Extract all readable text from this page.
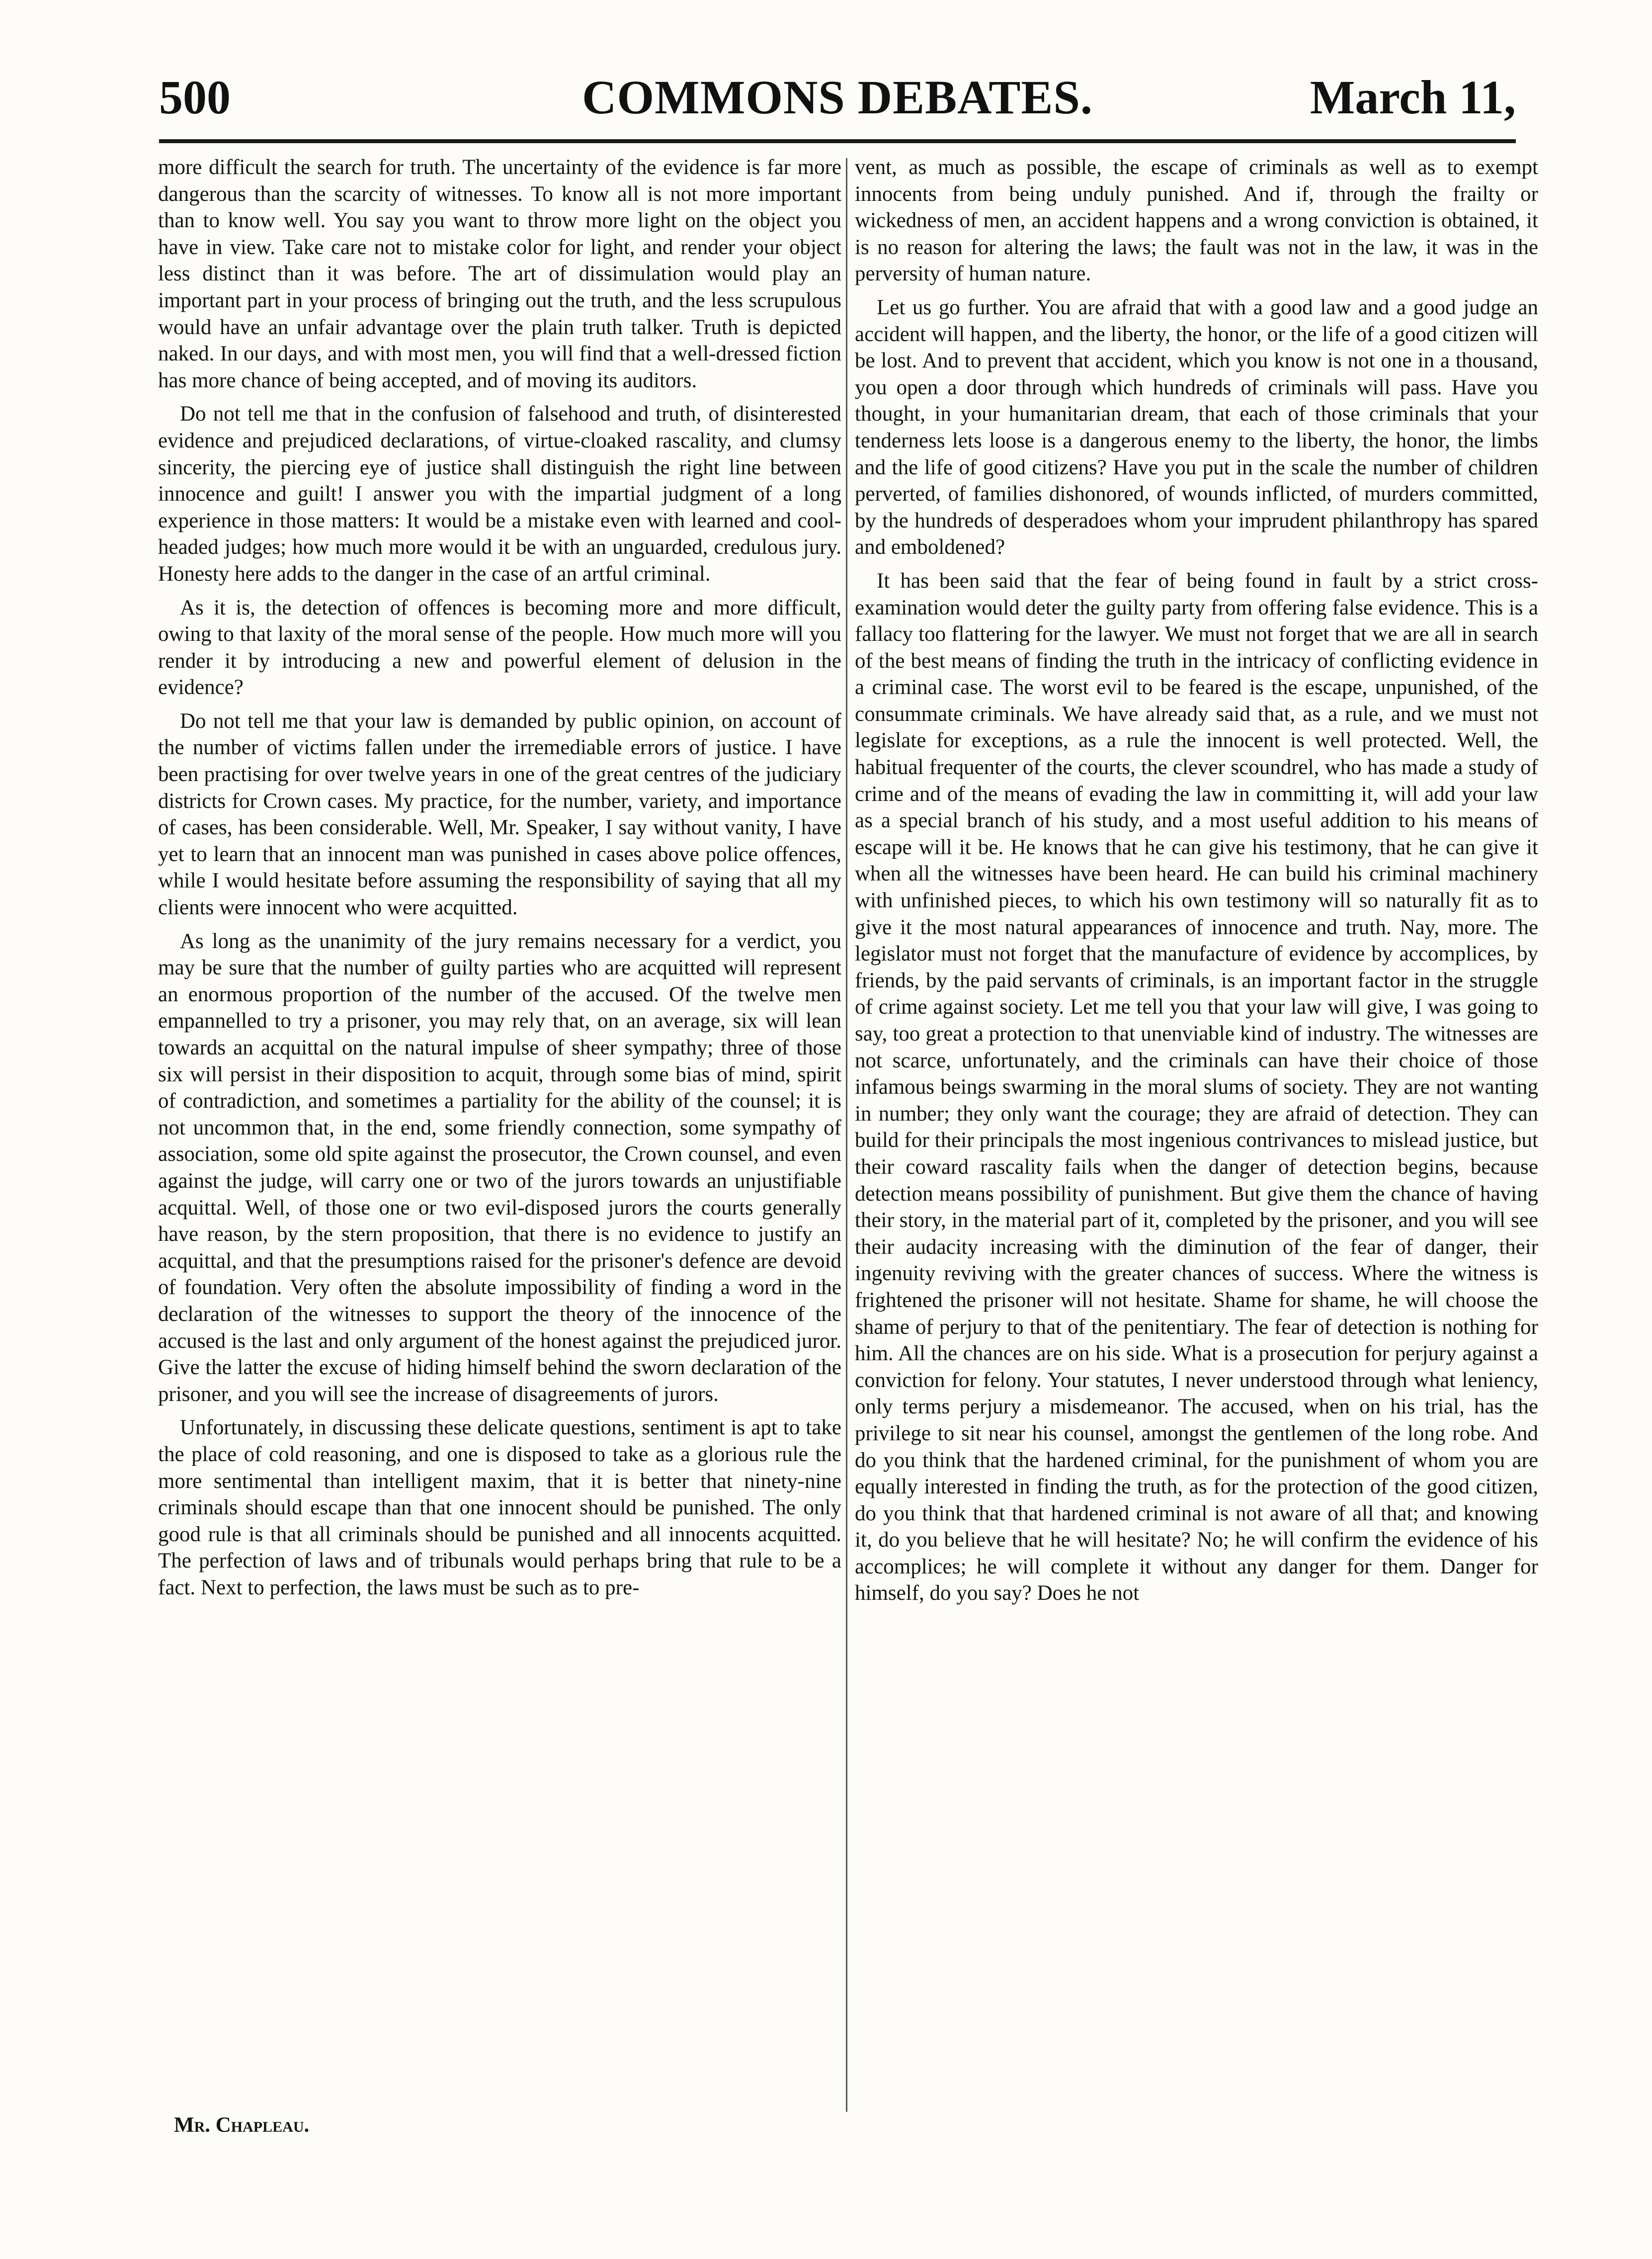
500	COMMONS DEBATES.	March 11,

more difficult the search for truth. The uncertainty of the evidence is far more dangerous than the scarcity of witnesses. To know all is not more important than to know well. You say you want to throw more light on the object you have in view. Take care not to mistake color for light, and render your object less distinct than it was before. The art of dissimulation would play an important part in your process of bringing out the truth, and the less scrupulous would have an unfair advantage over the plain truth talker. Truth is depicted naked. In our days, and with most men, you will find that a well-dressed fiction has more chance of being accepted, and of moving its auditors.

Do not tell me that in the confusion of falsehood and truth, of disinterested evidence and prejudiced declarations, of virtue-cloaked rascality, and clumsy sincerity, the piercing eye of justice shall distinguish the right line between innocence and guilt! I answer you with the impartial judgment of a long experience in those matters: It would be a mistake even with learned and cool-headed judges; how much more would it be with an unguarded, credulous jury. Honesty here adds to the danger in the case of an artful criminal.

As it is, the detection of offences is becoming more and more difficult, owing to that laxity of the moral sense of the people. How much more will you render it by introducing a new and powerful element of delusion in the evidence?

Do not tell me that your law is demanded by public opinion, on account of the number of victims fallen under the irremediable errors of justice. I have been practising for over twelve years in one of the great centres of the judiciary districts for Crown cases. My practice, for the number, variety, and importance of cases, has been considerable. Well, Mr. Speaker, I say without vanity, I have yet to learn that an innocent man was punished in cases above police offences, while I would hesitate before assuming the responsibility of saying that all my clients were innocent who were acquitted.

As long as the unanimity of the jury remains necessary for a verdict, you may be sure that the number of guilty parties who are acquitted will represent an enormous proportion of the number of the accused. Of the twelve men empannelled to try a prisoner, you may rely that, on an average, six will lean towards an acquittal on the natural impulse of sheer sympathy; three of those six will persist in their disposition to acquit, through some bias of mind, spirit of contradiction, and sometimes a partiality for the ability of the counsel; it is not uncommon that, in the end, some friendly connection, some sympathy of association, some old spite against the prosecutor, the Crown counsel, and even against the judge, will carry one or two of the jurors towards an unjustifiable acquittal. Well, of those one or two evil-disposed jurors the courts generally have reason, by the stern proposition, that there is no evidence to justify an acquittal, and that the presumptions raised for the prisoner's defence are devoid of foundation. Very often the absolute impossibility of finding a word in the declaration of the witnesses to support the theory of the innocence of the accused is the last and only argument of the honest against the prejudiced juror. Give the latter the excuse of hiding himself behind the sworn declaration of the prisoner, and you will see the increase of disagreements of jurors.

Unfortunately, in discussing these delicate questions, sentiment is apt to take the place of cold reasoning, and one is disposed to take as a glorious rule the more sentimental than intelligent maxim, that it is better that ninety-nine criminals should escape than that one innocent should be punished. The only good rule is that all criminals should be punished and all innocents acquitted. The perfection of laws and of tribunals would perhaps bring that rule to be a fact. Next to perfection, the laws must be such as to pre-

vent, as much as possible, the escape of criminals as well as to exempt innocents from being unduly punished. And if, through the frailty or wickedness of men, an accident happens and a wrong conviction is obtained, it is no reason for altering the laws; the fault was not in the law, it was in the perversity of human nature.

Let us go further. You are afraid that with a good law and a good judge an accident will happen, and the liberty, the honor, or the life of a good citizen will be lost. And to prevent that accident, which you know is not one in a thousand, you open a door through which hundreds of criminals will pass. Have you thought, in your humanitarian dream, that each of those criminals that your tenderness lets loose is a dangerous enemy to the liberty, the honor, the limbs and the life of good citizens? Have you put in the scale the number of children perverted, of families dishonored, of wounds inflicted, of murders committed, by the hundreds of desperadoes whom your imprudent philanthropy has spared and emboldened?

It has been said that the fear of being found in fault by a strict cross-examination would deter the guilty party from offering false evidence. This is a fallacy too flattering for the lawyer. We must not forget that we are all in search of the best means of finding the truth in the intricacy of conflicting evidence in a criminal case. The worst evil to be feared is the escape, unpunished, of the consummate criminals. We have already said that, as a rule, and we must not legislate for exceptions, as a rule the innocent is well protected. Well, the habitual frequenter of the courts, the clever scoundrel, who has made a study of crime and of the means of evading the law in committing it, will add your law as a special branch of his study, and a most useful addition to his means of escape will it be. He knows that he can give his testimony, that he can give it when all the witnesses have been heard. He can build his criminal machinery with unfinished pieces, to which his own testimony will so naturally fit as to give it the most natural appearances of innocence and truth. Nay, more. The legislator must not forget that the manufacture of evidence by accomplices, by friends, by the paid servants of criminals, is an important factor in the struggle of crime against society. Let me tell you that your law will give, I was going to say, too great a protection to that unenviable kind of industry. The witnesses are not scarce, unfortunately, and the criminals can have their choice of those infamous beings swarming in the moral slums of society. They are not wanting in number; they only want the courage; they are afraid of detection. They can build for their principals the most ingenious contrivances to mislead justice, but their coward rascality fails when the danger of detection begins, because detection means possibility of punishment. But give them the chance of having their story, in the material part of it, completed by the prisoner, and you will see their audacity increasing with the diminution of the fear of danger, their ingenuity reviving with the greater chances of success. Where the witness is frightened the prisoner will not hesitate. Shame for shame, he will choose the shame of perjury to that of the penitentiary. The fear of detection is nothing for him. All the chances are on his side. What is a prosecution for perjury against a conviction for felony. Your statutes, I never understood through what leniency, only terms perjury a misdemeanor. The accused, when on his trial, has the privilege to sit near his counsel, amongst the gentlemen of the long robe. And do you think that the hardened criminal, for the punishment of whom you are equally interested in finding the truth, as for the protection of the good citizen, do you think that that hardened criminal is not aware of all that; and knowing it, do you believe that he will hesitate? No; he will confirm the evidence of his accomplices; he will complete it without any danger for them. Danger for himself, do you say? Does he not

Mr. Chapleau.
